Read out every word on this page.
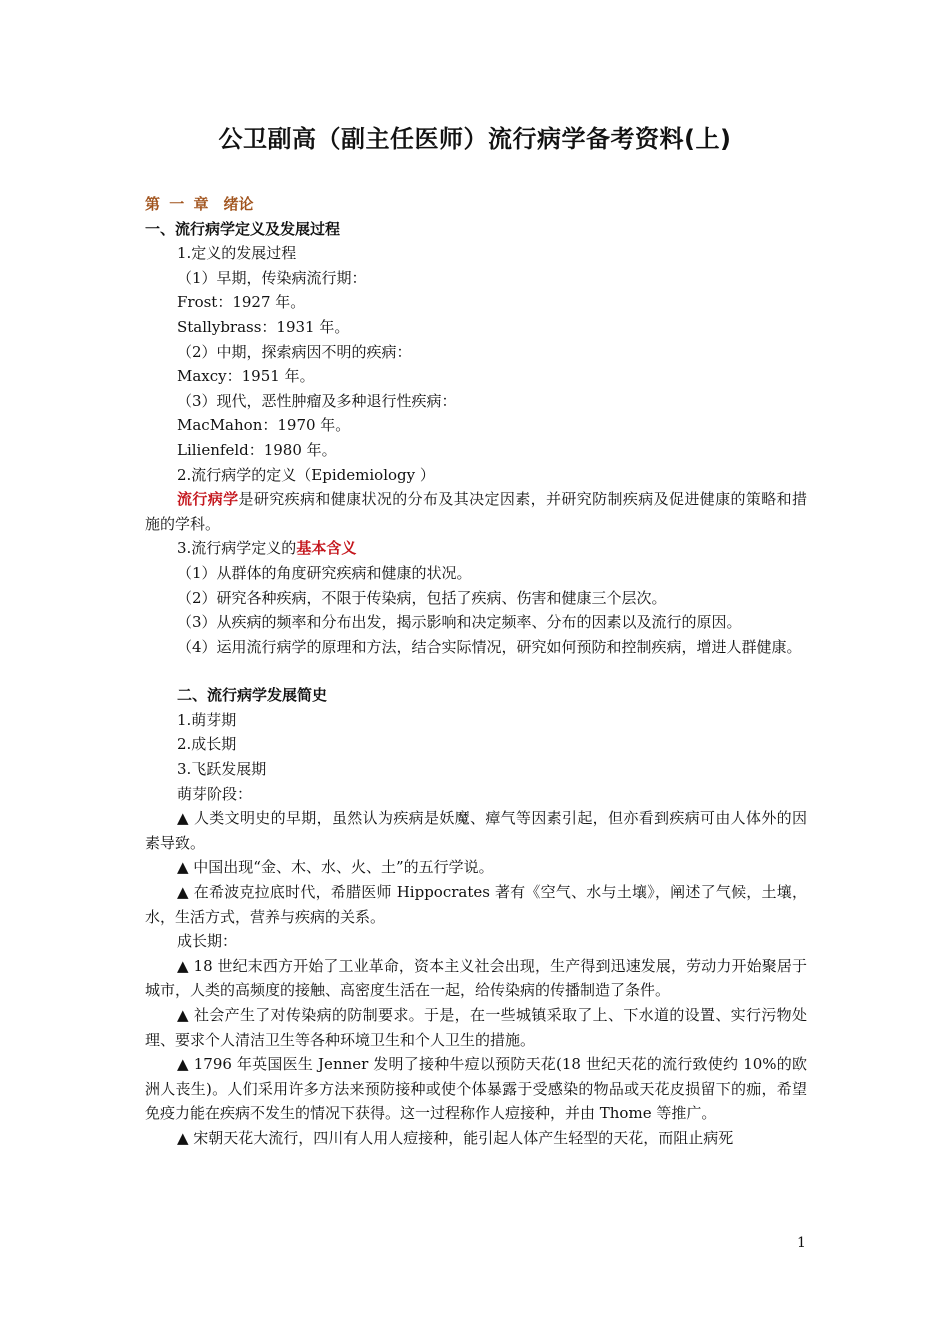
公卫副高（副主任医师）流行病学备考资料(上)

第 一 章　绪论

一、流行病学定义及发展过程

1.定义的发展过程

（1）早期，传染病流行期：

Frost：1927 年。

Stallybrass：1931 年。

（2）中期，探索病因不明的疾病：

Maxcy：1951 年。

（3）现代，恶性肿瘤及多种退行性疾病：

MacMahon：1970 年。

Lilienfeld：1980 年。

2.流行病学的定义（Epidemiology ）

流行病学是研究疾病和健康状况的分布及其决定因素，并研究防制疾病及促进健康的策略和措施的学科。

3.流行病学定义的基本含义

（1）从群体的角度研究疾病和健康的状况。

（2）研究各种疾病，不限于传染病，包括了疾病、伤害和健康三个层次。

（3）从疾病的频率和分布出发，揭示影响和决定频率、分布的因素以及流行的原因。

（4）运用流行病学的原理和方法，结合实际情况，研究如何预防和控制疾病，增进人群健康。

二、流行病学发展简史

1.萌芽期

2.成长期

3.飞跃发展期

萌芽阶段：

▲ 人类文明史的早期，虽然认为疾病是妖魔、瘴气等因素引起，但亦看到疾病可由人体外的因素导致。

▲ 中国出现“金、木、水、火、土”的五行学说。

▲ 在希波克拉底时代，希腊医师 Hippocrates 著有《空气、水与土壤》，阐述了气候，土壤，水，生活方式，营养与疾病的关系。

成长期：

▲ 18 世纪末西方开始了工业革命，资本主义社会出现，生产得到迅速发展，劳动力开始聚居于城市，人类的高频度的接触、高密度生活在一起，给传染病的传播制造了条件。

▲ 社会产生了对传染病的防制要求。于是，在一些城镇采取了上、下水道的设置、实行污物处理、要求个人清洁卫生等各种环境卫生和个人卫生的措施。

▲ 1796 年英国医生 Jenner 发明了接种牛痘以预防天花(18 世纪天花的流行致使约 10%的欧洲人丧生)。人们采用许多方法来预防接种或使个体暴露于受感染的物品或天花皮损留下的痂，希望免疫力能在疾病不发生的情况下获得。这一过程称作人痘接种，并由 Thome 等推广。

▲ 宋朝天花大流行，四川有人用人痘接种，能引起人体产生轻型的天花，而阻止病死

1
